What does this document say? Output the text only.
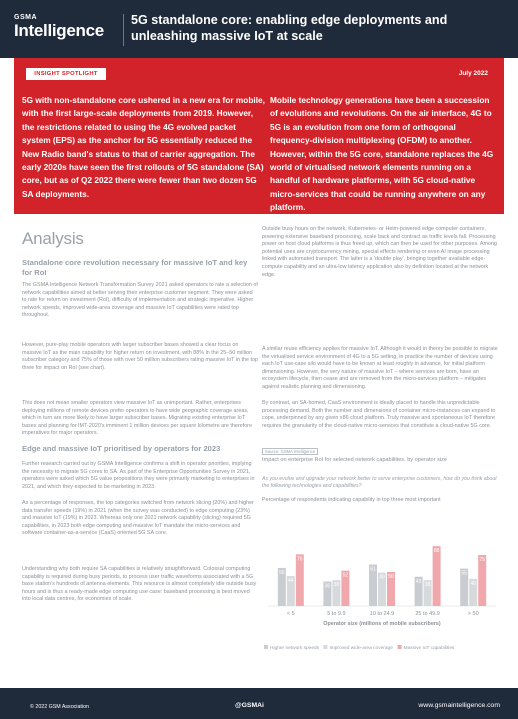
GSMA
Intelligence
5G standalone core: enabling edge deployments and unleashing massive IoT at scale
INSIGHT SPOTLIGHT	July 2022
5G with non-standalone core ushered in a new era for mobile, with the first large-scale deployments from 2019. However, the restrictions related to using the 4G evolved packet system (EPS) as the anchor for 5G essentially reduced the New Radio band's status to that of carrier aggregation. The early 2020s have seen the first rollouts of 5G standalone (SA) core, but as of Q2 2022 there were fewer than two dozen 5G SA deployments.
Mobile technology generations have been a succession of evolutions and revolutions. On the air interface, 4G to 5G is an evolution from one form of orthogonal frequency-division multiplexing (OFDM) to another. However, within the 5G core, standalone replaces the 4G world of virtualised network elements running on a handful of hardware platforms, with 5G cloud-native micro-services that could be running anywhere on any platform.
Analysis
Standalone core revolution necessary for massive IoT and key for RoI
The GSMA Intelligence Network Transformation Survey 2021 asked operators to rate a selection of network capabilities aimed at better serving their enterprise customer segment. They were asked to rate for return on investment (RoI), difficulty of implementation and strategic imperative. Higher network speeds, improved wide-area coverage and massive IoT capabilities were rated top throughout.
However, pure-play mobile operators with larger subscriber bases showed a clear focus on massive IoT as the main capability for higher return on investment, with 88% in the 25–50 million subscriber category and 75% of those with over 50 million subscribers rating massive IoT in the top three for impact on RoI (see chart).
This does not mean smaller operators view massive IoT as unimportant. Rather, enterprises deploying millions of remote devices prefer operators to have wide geographic coverage areas, which in turn are more likely to have larger subscriber bases. Migrating existing enterprise IoT bases and planning for IMT-2020's imminent 1 million devices per square kilometre are therefore imperatives for major operators.
Edge and massive IoT prioritised by operators for 2023
Further research carried out by GSMA Intelligence confirms a shift in operator priorities, implying the necessity to migrate 5G cores to SA. As part of the Enterprise Opportunities Survey in 2021, operators were asked which 5G value propositions they were primarily marketing to enterprises in 2021, and which they expected to be marketing in 2023.
As a percentage of responses, the top categories switched from network slicing (20%) and higher data transfer speeds (19%) in 2021 (when the survey was conducted) to edge computing (23%) and massive IoT (19%) in 2023. Whereas only one 2021 network capability (slicing) required 5G capabilities, in 2023 both edge computing and massive IoT mandate the micro-services and software container-as-a-service (CaaS) oriented 5G SA core.
Understanding why both require SA capabilities is relatively straightforward. Colossal computing capability is required during busy periods, to process user traffic waveforms associated with a 5G base station's hundreds of antenna elements. This resource is almost completely idle outside busy hours and is thus a ready-made edge computing use case: baseband processing is best moved into local data centres, for economies of scale.
Outside busy hours on the network, Kubernetes- or Helm-powered edge computer containers, powering extensive baseband processing, scale back and contract as traffic levels fall. Processing power on host cloud platforms is thus freed up, which can then be used for other purposes. Among potential uses are cryptocurrency mining, special effects rendering or even AI image processing linked with automated transport. The latter is a 'double play', bringing together available edge-compute capability and an ultra-low latency application also by definition located at the network edge.
A similar reuse efficiency applies for massive IoT. Although it would in theory be possible to migrate the virtualised service environment of 4G to a 5G setting, in practice the number of devices using each IoT use-case silo would have to be known at least roughly in advance, for initial platform dimensioning. However, the very nature of massive IoT – where services are born, have an ecosystem lifecycle, then cease and are removed from the micro-services platform – mitigates against realistic planning and dimensioning.
By contrast, an SA-homed, CaaS environment is ideally placed to handle this unpredictable processing demand. Both the number and dimensions of container micro-instances can expand to cope, underpinned by any given x86 cloud platform. Truly massive and spontaneous IoT therefore requires the granularity of the cloud-native micro-services that constitute a cloud-native 5G core.
Source: GSMA Intelligence
Impact on enterprise RoI for selected network capabilities, by operator size
As you evolve and upgrade your network better to serve enterprise customers, how do you think about the following technologies and capabilities?
Percentage of respondents indicating capability in top three most important
56
44
76
< 5
36 38
52
5 to 9.9
61
49 50
10 to 24.9
43
38
88
25 to 49.9
55
40
75
> 50
Operator size (millions of mobile subscribers)
Higher network speeds Improved wide-area coverage Massive IoT capabilities
© 2022 GSM Association	@GSMAi	www.gsmaintelligence.com
